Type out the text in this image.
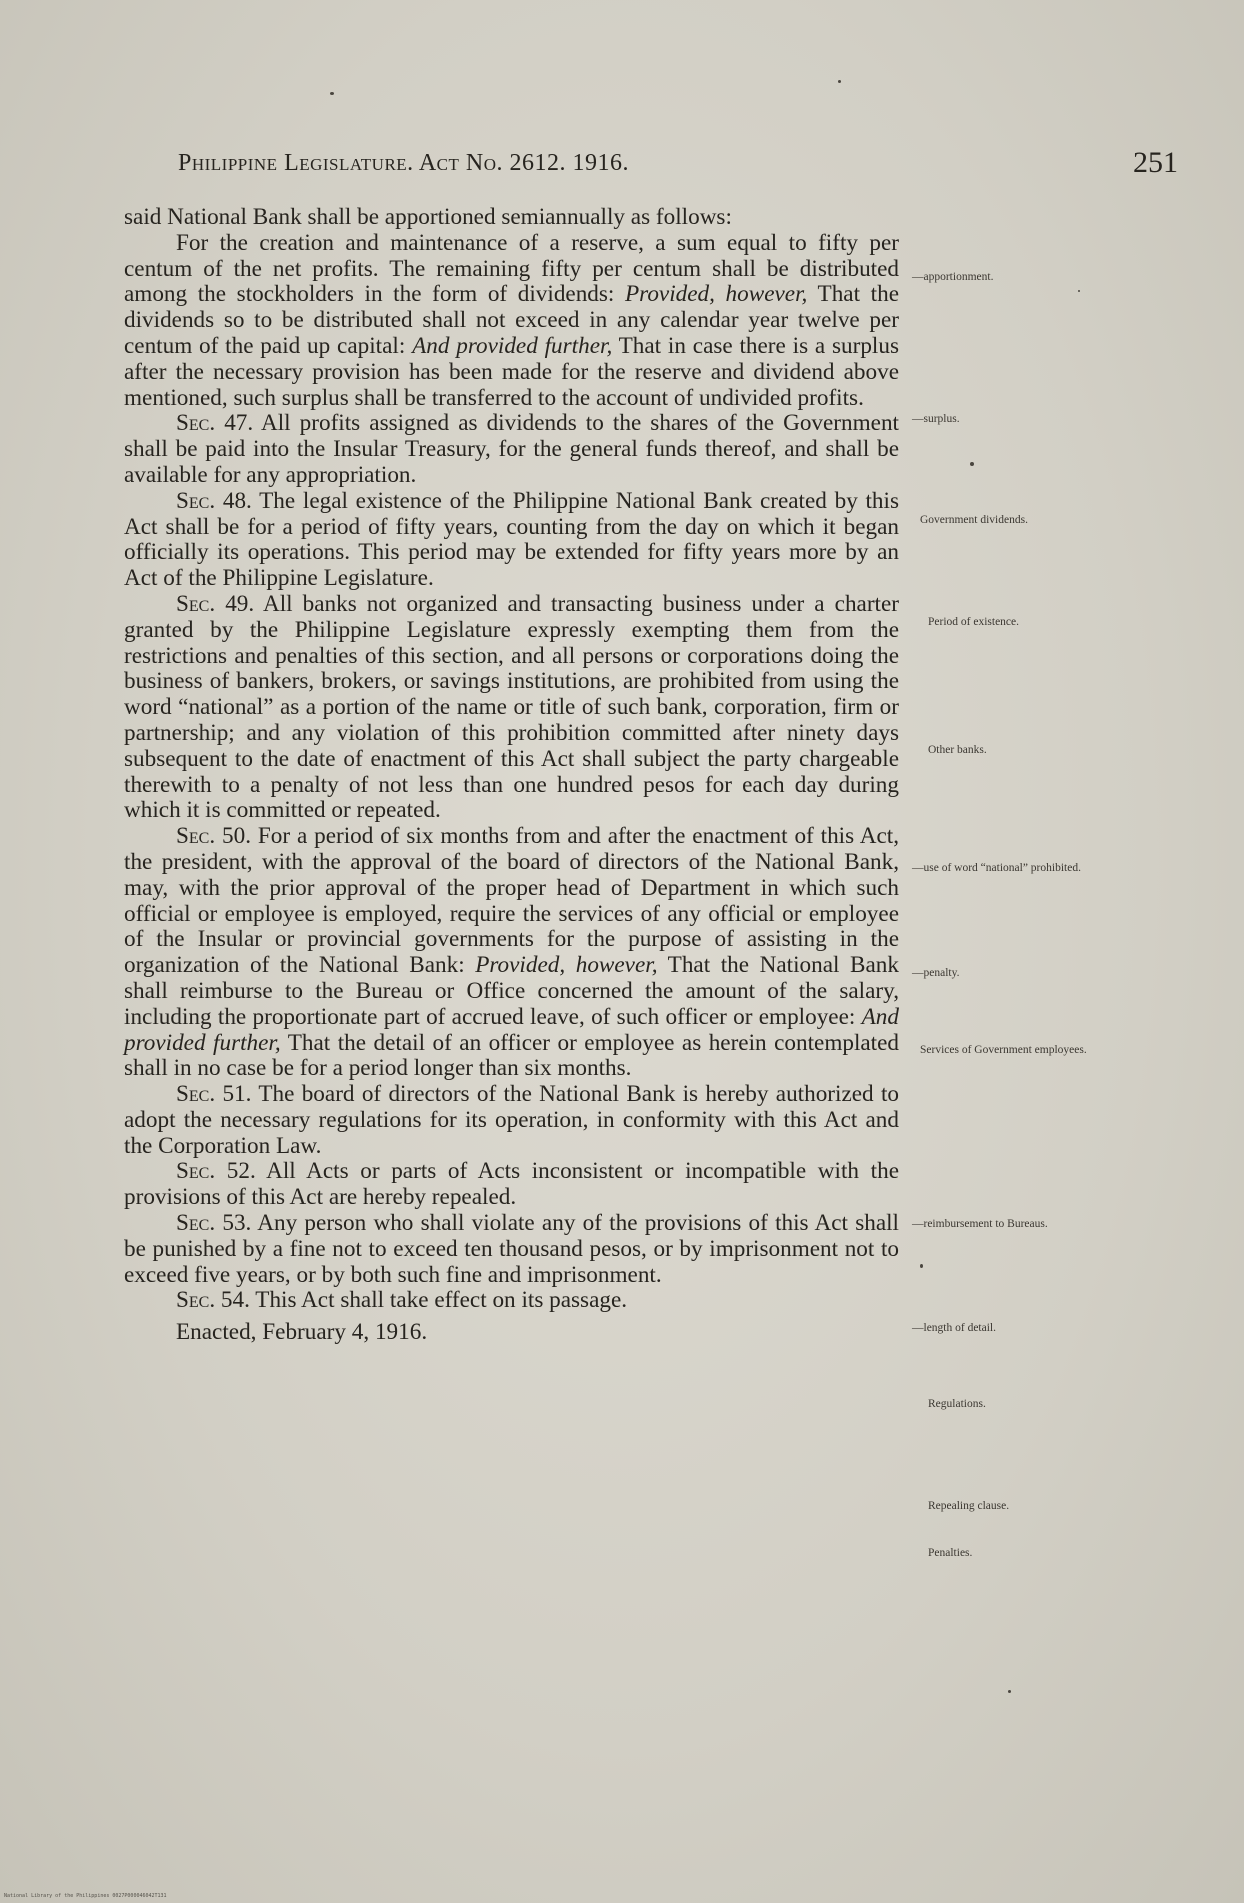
Philippine Legislature. Act No. 2612. 1916.	251

said National Bank shall be apportioned semiannually as follows:

For the creation and maintenance of a reserve, a sum equal to fifty per centum of the net profits. The remaining fifty per centum shall be distributed among the stockholders in the form of dividends: Provided, however, That the dividends so to be distributed shall not exceed in any calendar year twelve per centum of the paid up capital: And provided further, That in case there is a surplus after the necessary provision has been made for the reserve and dividend above mentioned, such surplus shall be transferred to the account of undivided profits.

Sec. 47. All profits assigned as dividends to the shares of the Government shall be paid into the Insular Treasury, for the general funds thereof, and shall be available for any appropriation.

Sec. 48. The legal existence of the Philippine National Bank created by this Act shall be for a period of fifty years, counting from the day on which it began officially its operations. This period may be extended for fifty years more by an Act of the Philippine Legislature.

Sec. 49. All banks not organized and transacting business under a charter granted by the Philippine Legislature expressly exempting them from the restrictions and penalties of this section, and all persons or corporations doing the business of bankers, brokers, or savings institutions, are prohibited from using the word “national” as a portion of the name or title of such bank, corporation, firm or partnership; and any violation of this prohibition committed after ninety days subsequent to the date of enactment of this Act shall subject the party chargeable therewith to a penalty of not less than one hundred pesos for each day during which it is committed or repeated.

Sec. 50. For a period of six months from and after the enactment of this Act, the president, with the approval of the board of directors of the National Bank, may, with the prior approval of the proper head of Department in which such official or employee is employed, require the services of any official or employee of the Insular or provincial governments for the purpose of assisting in the organization of the National Bank: Provided, however, That the National Bank shall reimburse to the Bureau or Office concerned the amount of the salary, including the proportionate part of accrued leave, of such officer or employee: And provided further, That the detail of an officer or employee as herein contemplated shall in no case be for a period longer than six months.

Sec. 51. The board of directors of the National Bank is hereby authorized to adopt the necessary regulations for its operation, in conformity with this Act and the Corporation Law.

Sec. 52. All Acts or parts of Acts inconsistent or incompatible with the provisions of this Act are hereby repealed.

Sec. 53. Any person who shall violate any of the provisions of this Act shall be punished by a fine not to exceed ten thousand pesos, or by imprisonment not to exceed five years, or by both such fine and imprisonment.

Sec. 54. This Act shall take effect on its passage.

Enacted, February 4, 1916.

—apportionment.
—surplus.
Government dividends.
Period of existence.
Other banks.
—use of word “national” prohibited.
—penalty.
Services of Government employees.
—reimbursement to Bureaus.
—length of detail.
Regulations.
Repealing clause.
Penalties.
National Library of the Philippines 0027P000046042T131
